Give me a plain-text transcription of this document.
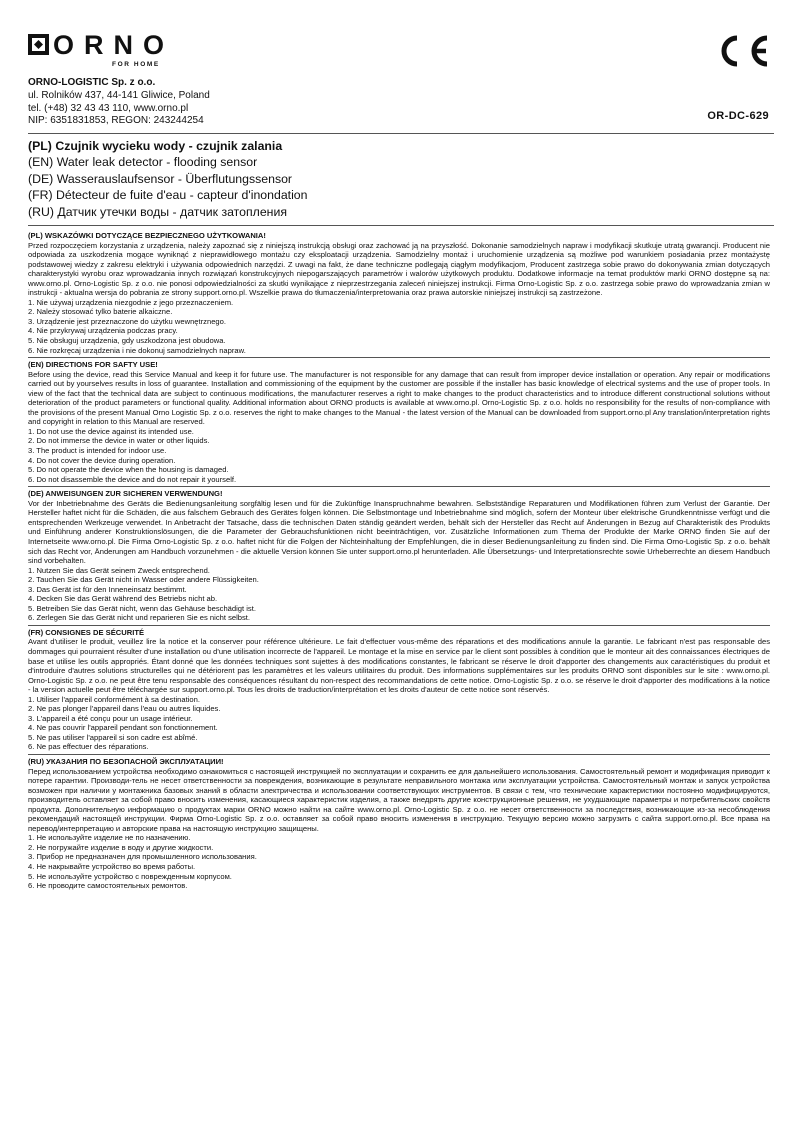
ORNO
FOR HOME
ORNO-LOGISTIC Sp. z o.o.
ul. Rolników 437, 44-141 Gliwice, Poland
tel. (+48) 32 43 43 110, www.orno.pl
NIP: 6351831853, REGON: 243244254	OR-DC-629
(PL) Czujnik wycieku wody - czujnik zalania
(EN) Water leak detector - flooding sensor
(DE) Wasserauslaufsensor - Überflutungssensor
(FR) Détecteur de fuite d'eau - capteur d'inondation
(RU) Датчик утечки воды - датчик затопления
(PL) WSKAZÓWKI DOTYCZĄCE BEZPIECZNEGO UŻYTKOWANIA!
Przed rozpoczęciem korzystania z urządzenia, należy zapoznać się z niniejszą instrukcją obsługi oraz zachować ją na przyszłość. Dokonanie samodzielnych napraw i modyfikacji skutkuje utratą gwarancji. Producent nie odpowiada za uszkodzenia mogące wyniknąć z nieprawidłowego montażu czy eksploatacji urządzenia. Samodzielny montaż i uruchomienie urządzenia są możliwe pod warunkiem posiadania przez montażystę podstawowej wiedzy z zakresu elektryki i używania odpowiednich narzędzi. Z uwagi na fakt, że dane techniczne podlegają ciągłym modyfikacjom, Producent zastrzega sobie prawo do dokonywania zmian dotyczących charakterystyki wyrobu oraz wprowadzania innych rozwiązań konstrukcyjnych niepogarszających parametrów i walorów użytkowych produktu. Dodatkowe informacje na temat produktów marki ORNO dostępne są na: www.orno.pl. Orno-Logistic Sp. z o.o. nie ponosi odpowiedzialności za skutki wynikające z nieprzestrzegania zaleceń niniejszej instrukcji. Firma Orno-Logistic Sp. z o.o. zastrzega sobie prawo do wprowadzania zmian w instrukcji - aktualna wersja do pobrania ze strony support.orno.pl. Wszelkie prawa do tłumaczenia/interpretowania oraz prawa autorskie niniejszej instrukcji są zastrzeżone.
1. Nie używaj urządzenia niezgodnie z jego przeznaczeniem.
2. Należy stosować tylko baterie alkaiczne.
3. Urządzenie jest przeznaczone do użytku wewnętrznego.
4. Nie przykrywaj urządzenia podczas pracy.
5. Nie obsługuj urządzenia, gdy uszkodzona jest obudowa.
6. Nie rozkręcaj urządzenia i nie dokonuj samodzielnych napraw.
(EN) DIRECTIONS FOR SAFTY USE!
Before using the device, read this Service Manual and keep it for future use. The manufacturer is not responsible for any damage that can result from improper device installation or operation. Any repair or modifications carried out by yourselves results in loss of guarantee. Installation and commissioning of the equipment by the customer are possible if the installer has basic knowledge of electrical systems and the use of proper tools. In view of the fact that the technical data are subject to continuous modifications, the manufacturer reserves a right to make changes to the product characteristics and to introduce different constructional solutions without deterioration of the product parameters or functional quality. Additional information about ORNO products is available at www.orno.pl. Orno-Logistic Sp. z o.o. holds no responsibility for the results of non-compliance with the provisions of the present Manual Orno Logistic Sp. z o.o. reserves the right to make changes to the Manual - the latest version of the Manual can be downloaded from support.orno.pl Any translation/interpretation rights and copyright in relation to this Manual are reserved.
1. Do not use the device against its intended use.
2. Do not immerse the device in water or other liquids.
3. The product is intended for indoor use.
4. Do not cover the device during operation.
5. Do not operate the device when the housing is damaged.
6. Do not disassemble the device and do not repair it yourself.
(DE) ANWEISUNGEN ZUR SICHEREN VERWENDUNG!
Vor der Inbetriebnahme des Geräts die Bedienungsanleitung sorgfältig lesen und für die Zukünftige Inanspruchnahme bewahren. Selbstständige Reparaturen und Modifikationen führen zum Verlust der Garantie. Der Hersteller haftet nicht für die Schäden, die aus falschem Gebrauch des Gerätes folgen können. Die Selbstmontage und Inbetriebnahme sind möglich, sofern der Monteur über elektrische Grundkenntnisse verfügt und die entsprechenden Werkzeuge verwendet. In Anbetracht der Tatsache, dass die technischen Daten ständig geändert werden, behält sich der Hersteller das Recht auf Änderungen in Bezug auf Charakteristik des Produkts und Einführung anderer Konstruktionslösungen, die die Parameter der Gebrauchsfunktionen nicht beeinträchtigen, vor. Zusätzliche Informationen zum Thema der Produkte der Marke ORNO finden Sie auf der Internetseite www.orno.pl. Die Firma Orno-Logistic Sp. z o.o. haftet nicht für die Folgen der Nichteinhaltung der Empfehlungen, die in dieser Bedienungsanleitung zu finden sind. Die Firma Orno-Logistic Sp. z o.o. behält sich das Recht vor, Änderungen am Handbuch vorzunehmen - die aktuelle Version können Sie unter support.orno.pl herunterladen. Alle Übersetzungs- und Interpretationsrechte sowie Urheberrechte an diesem Handbuch sind vorbehalten.
1. Nutzen Sie das Gerät seinem Zweck entsprechend.
2. Tauchen Sie das Gerät nicht in Wasser oder andere Flüssigkeiten.
3. Das Gerät ist für den Inneneinsatz bestimmt.
4. Decken Sie das Gerät während des Betriebs nicht ab.
5. Betreiben Sie das Gerät nicht, wenn das Gehäuse beschädigt ist.
6. Zerlegen Sie das Gerät nicht und reparieren Sie es nicht selbst.
(FR) CONSIGNES DE SÉCURITÉ
Avant d'utiliser le produit, veuillez lire la notice et la conserver pour référence ultérieure. Le fait d'effectuer vous-même des réparations et des modifications annule la garantie. Le fabricant n'est pas responsable des dommages qui pourraient résulter d'une installation ou d'une utilisation incorrecte de l'appareil. Le montage et la mise en service par le client sont possibles à condition que le monteur ait des connaissances électriques de base et utilise les outils appropriés. Étant donné que les données techniques sont sujettes à des modifications constantes, le fabricant se réserve le droit d'apporter des changements aux caractéristiques du produit et d'introduire d'autres solutions structurelles qui ne détériorent pas les paramètres et les valeurs utilitaires du produit. Des informations supplémentaires sur les produits ORNO sont disponibles sur le site : www.orno.pl. Orno-Logistic Sp. z o.o. ne peut être tenu responsable des conséquences résultant du non-respect des recommandations de cette notice. Orno-Logistic Sp. z o.o. se réserve le droit d'apporter des modifications à la notice - la version actuelle peut être téléchargée sur support.orno.pl. Tous les droits de traduction/interprétation et les droits d'auteur de cette notice sont réservés.
1. Utiliser l'appareil conformément à sa destination.
2. Ne pas plonger l'appareil dans l'eau ou autres liquides.
3. L'appareil a été conçu pour un usage intérieur.
4. Ne pas couvrir l'appareil pendant son fonctionnement.
5. Ne pas utiliser l'appareil si son cadre est abîmé.
6. Ne pas effectuer des réparations.
(RU) УКАЗАНИЯ ПО БЕЗОПАСНОЙ ЭКСПЛУАТАЦИИ!
Перед использованием устройства необходимо ознакомиться с настоящей инструкцией по эксплуатации и сохранить ее для дальнейшего использования. Самостоятельный ремонт и модификация приводит к потере гарантии. Производи-тель не несет ответственности за повреждения, возникающие в результате неправильного монтажа или эксплуатации устройства. Самостоятельный монтаж и запуск устройства возможен при наличии у монтажника базовых знаний в области электричества и использовании соответствующих инструментов. В связи с тем, что технические характеристики постоянно модифицируются, производитель оставляет за собой право вносить изменения, касающиеся характеристик изделия, а также внедрять другие конструкционные решения, не ухудшающие параметры и потребительских свойств продукта. Дополнительную информацию о продуктах марки ORNO можно найти на сайте www.orno.pl. Orno-Logistic Sp. z o.o. не несет ответственности за последствия, возникающие из-за несоблюдения рекомендаций настоящей инструкции. Фирма Orno-Logistic Sp. z o.o. оставляет за собой право вносить изменения в инструкцию. Текущую версию можно загрузить с сайта support.orno.pl. Все права на перевод/интерпретацию и авторские права на настоящую инструкцию защищены.
1. Не используйте изделие не по назначению.
2. Не погружайте изделие в воду и другие жидкости.
3. Прибор не предназначен для промышленного использования.
4. Не накрывайте устройство во время работы.
5. Не используйте устройство с поврежденным корпусом.
6. Не проводите самостоятельных ремонтов.
